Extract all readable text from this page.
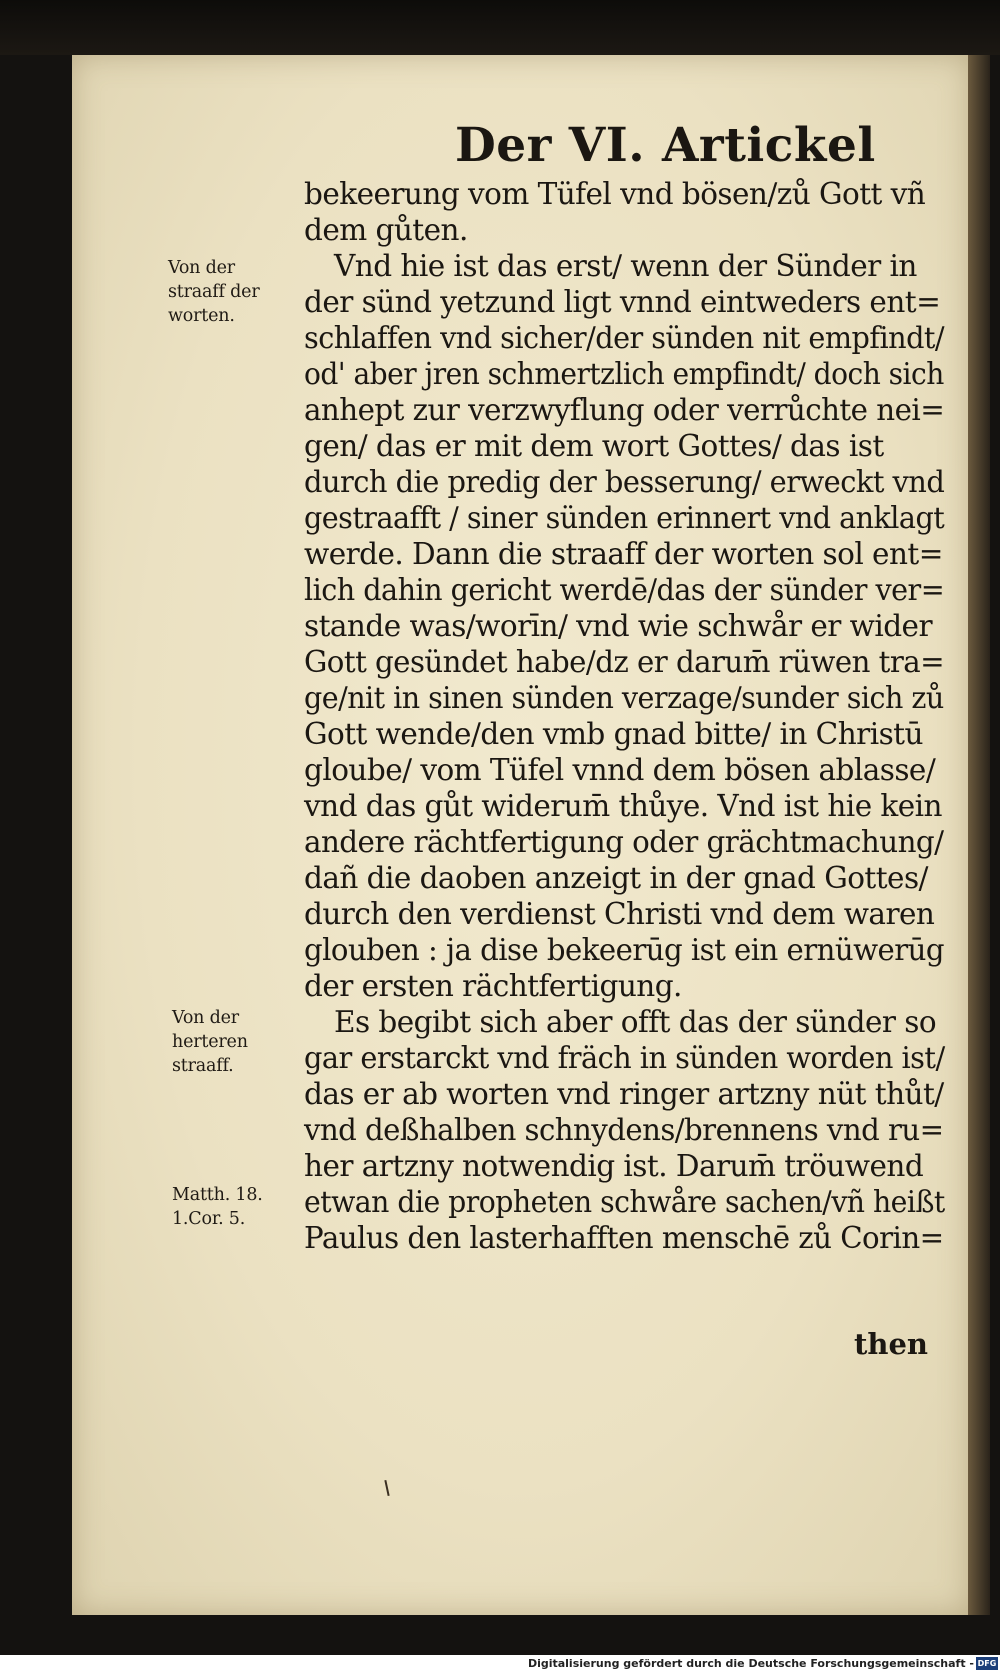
Der VI. Artickel
bekeerung vom Tüfel vnd bösen/zů Gott vñ
dem gůten.
Vnd hie ist das erst/ wenn der Sünder in
der sünd yetzund ligt vnnd eintweders ent=
schlaffen vnd sicher/der sünden nit empfindt/
od' aber jren schmertzlich empfindt/ doch sich
anhept zur verzwyflung oder verrůchte nei=
gen/ das er mit dem wort Gottes/ das ist
durch die predig der besserung/ erweckt vnd
gestraafft / siner sünden erinnert vnd anklagt
werde. Dann die straaff der worten sol ent=
lich dahin gericht werdē/das der sünder ver=
stande was/worīn/ vnd wie schwår er wider
Gott gesündet habe/dz er darum̄ rüwen tra=
ge/nit in sinen sünden verzage/sunder sich zů
Gott wende/den vmb gnad bitte/ in Christū
gloube/ vom Tüfel vnnd dem bösen ablasse/
vnd das gůt widerum̄ thůye. Vnd ist hie kein
andere rächtfertigung oder grächtmachung/
dañ die daoben anzeigt in der gnad Gottes/
durch den verdienst Christi vnd dem waren
glouben : ja dise bekeerūg ist ein ernüwerūg
der ersten rächtfertigung.
Es begibt sich aber offt das der sünder so
gar erstarckt vnd fräch in sünden worden ist/
das er ab worten vnd ringer artzny nüt thůt/
vnd deßhalben schnydens/brennens vnd ru=
her artzny notwendig ist. Darum̄ tröuwend
etwan die propheten schwåre sachen/vñ heißt
Paulus den lasterhafften menschē zů Corin=
Von der
straaff der
worten.
Von der
herteren
straaff.
Matth. 18.
1.Cor. 5.
then
Digitalisierung gefördert durch die Deutsche Forschungsgemeinschaft - DFG
